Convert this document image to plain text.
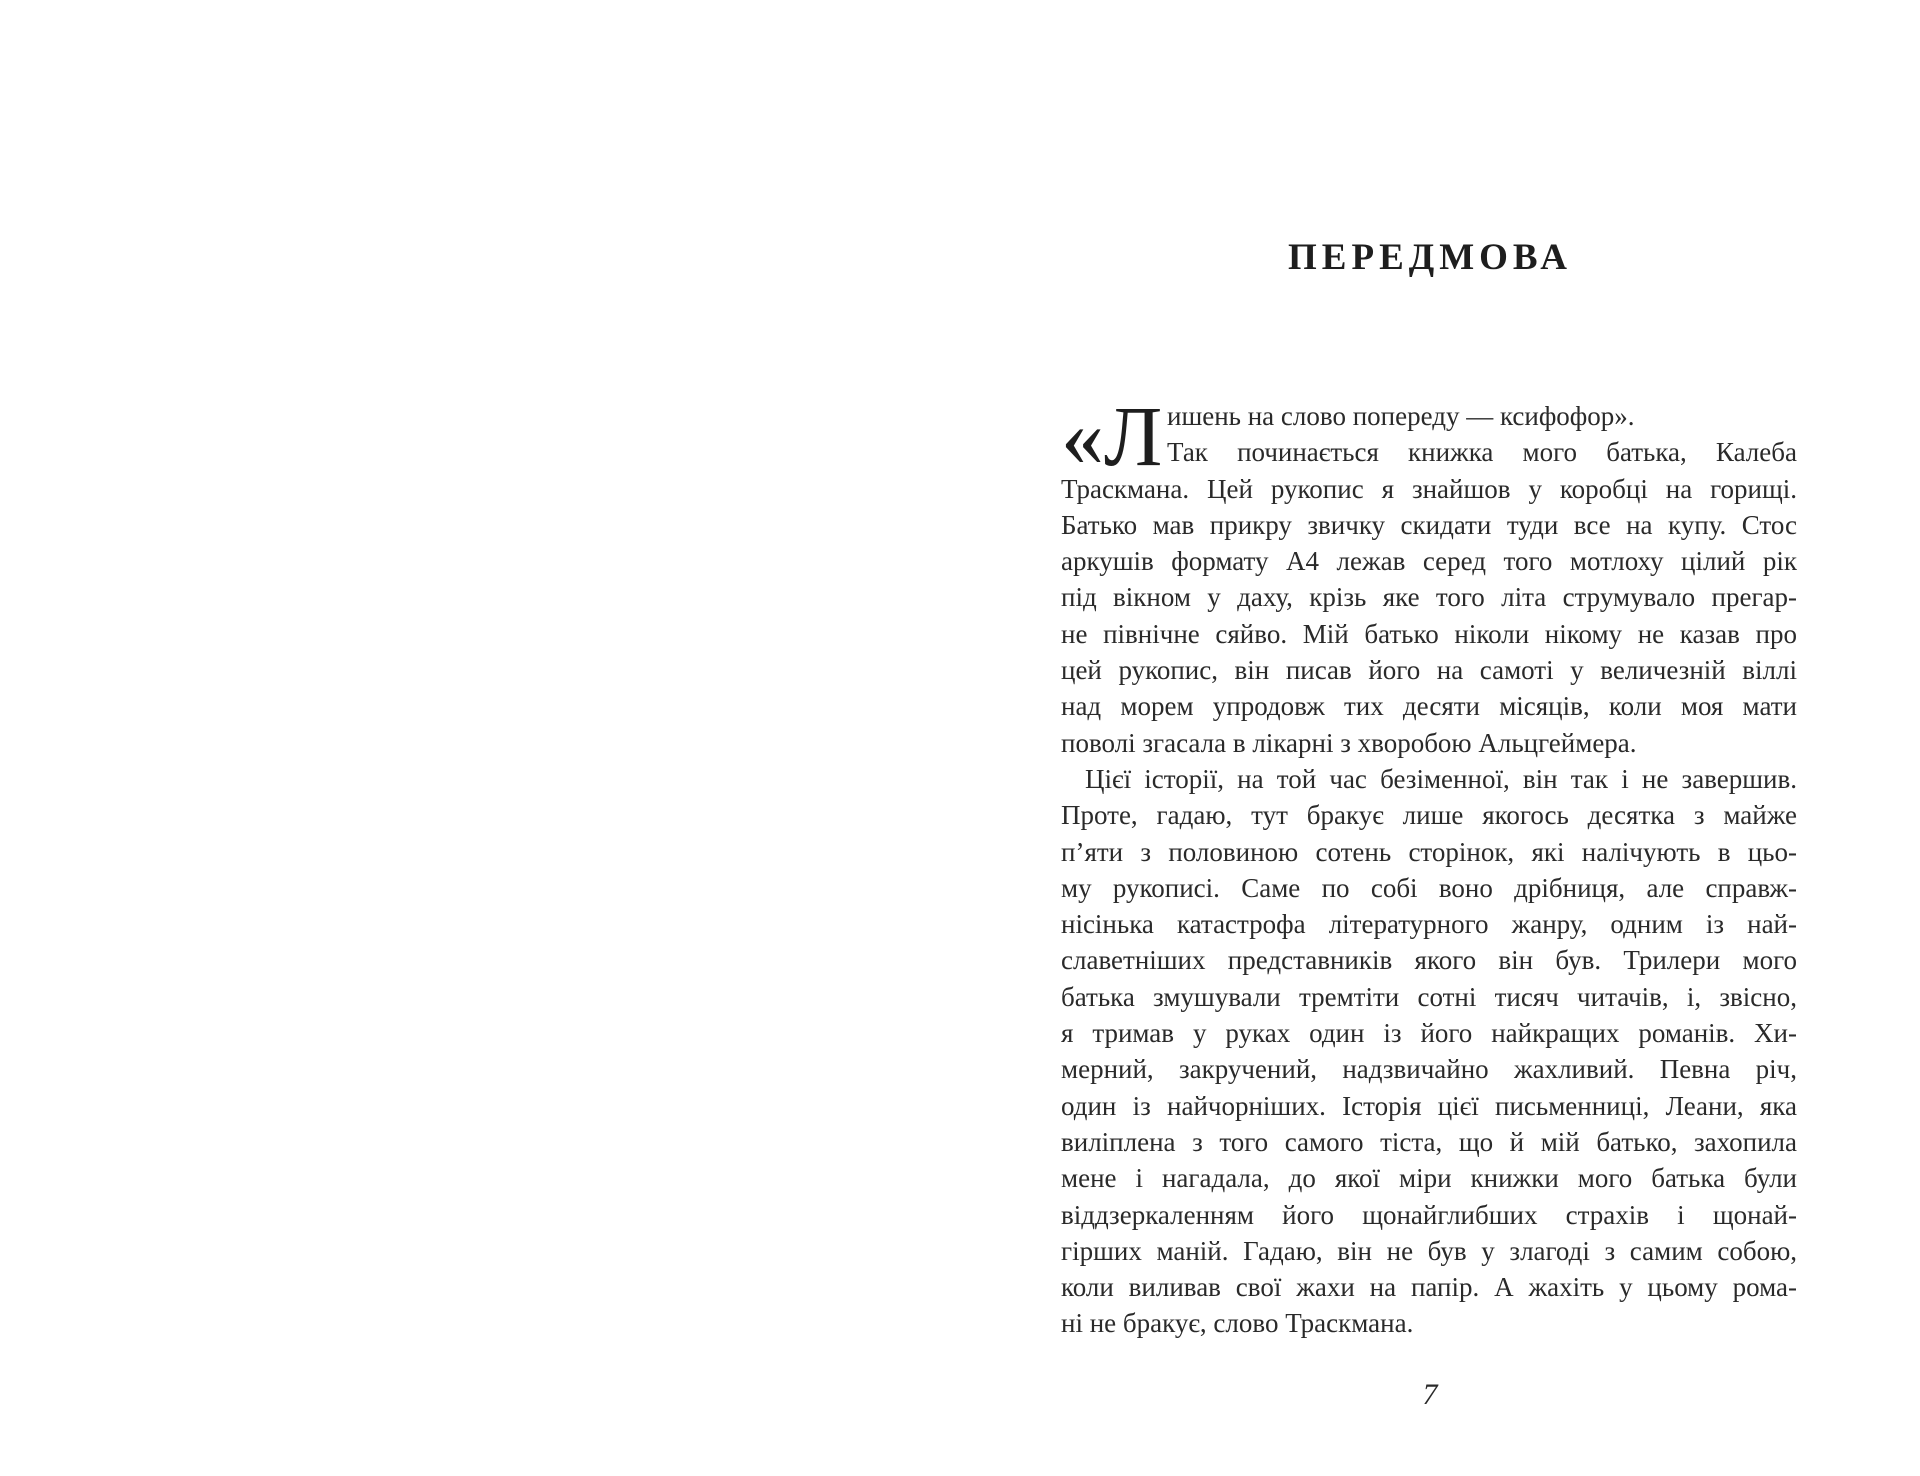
ПЕРЕДМОВА
«Л ишень на слово попереду — ксифофор».
Так починається книжка мого батька, Калеба
Траскмана. Цей рукопис я знайшов у коробці на горищі.
Батько мав прикру звичку скидати туди все на купу. Стос
аркушів формату А4 лежав серед того мотлоху цілий рік
під вікном у даху, крізь яке того літа струмувало прегар-
не північне сяйво. Мій батько ніколи нікому не казав про
цей рукопис, він писав його на самоті у величезній віллі
над морем упродовж тих десяти місяців, коли моя мати
поволі згасала в лікарні з хворобою Альцгеймера.
Цієї історії, на той час безіменної, він так і не завершив.
Проте, гадаю, тут бракує лише якогось десятка з майже
п’яти з половиною сотень сторінок, які налічують в цьо-
му рукописі. Саме по собі воно дрібниця, але справж-
нісінька катастрофа літературного жанру, одним із най-
славетніших представників якого він був. Трилери мого
батька змушували тремтіти сотні тисяч читачів, і, звісно,
я тримав у руках один із його найкращих романів. Хи-
мерний, закручений, надзвичайно жахливий. Певна річ,
один із найчорніших. Історія цієї письменниці, Леани, яка
виліплена з того самого тіста, що й мій батько, захопила
мене і нагадала, до якої міри книжки мого батька були
віддзеркаленням його щонайглибших страхів і щонай-
гірших маній. Гадаю, він не був у злагоді з самим собою,
коли виливав свої жахи на папір. А жахіть у цьому рома-
ні не бракує, слово Траскмана.
7
